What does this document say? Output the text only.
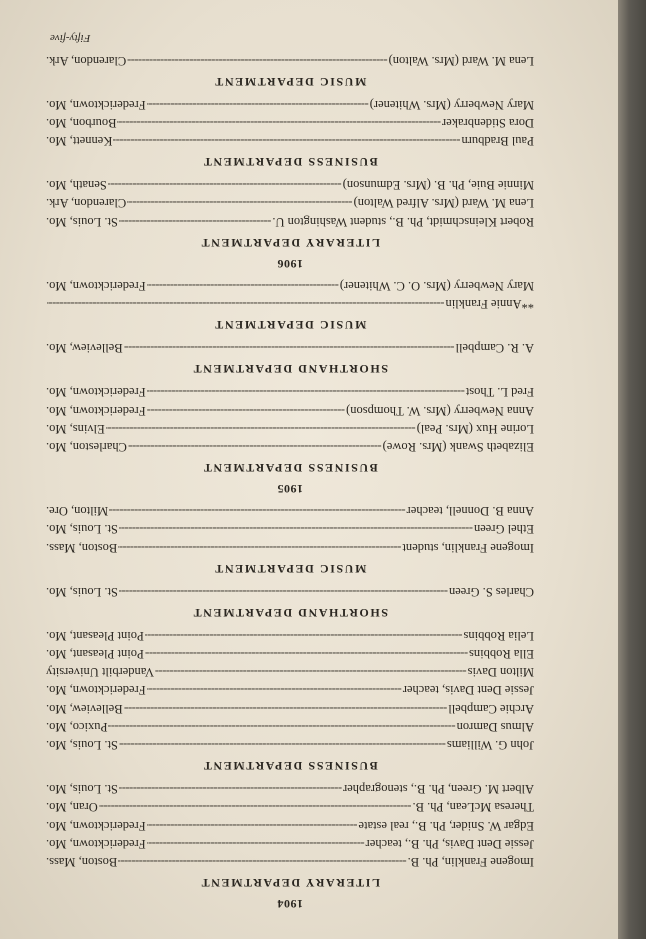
1904
LITERARY DEPARTMENT
Imogene Franklin, Ph. B.
-----
Boston, Mass.
Jessie Dent Davis, Ph. B., teacher
-----
Fredericktown, Mo.
Edgar W. Snider, Ph. B., real estate
-----
Fredericktown, Mo.
Theresa McLean, Ph. B.
-----
Oran, Mo.
Albert M. Green, Ph. B., stenographer
-----
St. Louis, Mo.
BUSINESS DEPARTMENT
John G. Williams
-----
St. Louis, Mo.
Almus Damron
-----
Puxico, Mo.
Archie Campbell
-----
Belleview, Mo.
Jessie Dent Davis, teacher
-----
Fredericktown, Mo.
Milton Davis
-----
Vanderbilt University
Ella Robbins
-----
Point Pleasant, Mo.
Lelia Robbins
-----
Point Pleasant, Mo.
SHORTHAND DEPARTMENT
Charles S. Green
-----
St. Louis, Mo.
MUSIC DEPARTMENT
Imogene Franklin, student
-----
Boston, Mass.
Ethel Green
-----
St. Louis, Mo.
Anna B. Donnell, teacher
-----
Milton, Ore.
1905
BUSINESS DEPARTMENT
Elizabeth Swank (Mrs. Rowe)
-----
Charleston, Mo.
Lorine Hux (Mrs. Peal)
-----
Elvins, Mo.
Anna Newberry (Mrs. W. Thompson)
-----
Fredericktown, Mo.
Fred L. Thost
-----
Fredericktown, Mo.
SHORTHAND DEPARTMENT
A. R. Campbell
-----
Belleview, Mo.
MUSIC DEPARTMENT
**Annie Franklin
-----
Mary Newberry (Mrs. O. C. Whitener)
-----
Fredericktown, Mo.
1906
LITERARY DEPARTMENT
Robert Kleinschmidt, Ph. B., student Washington U.
-----
St. Louis, Mo.
Lena M. Ward (Mrs. Alfred Walton)
-----
Clarendon, Ark.
Minnie Buie, Ph. B. (Mrs. Edmunson)
-----
Senath, Mo.
BUSINESS DEPARTMENT
Paul Bradburn
-----
Kennett, Mo.
Dora Stidenbraker
-----
Bourbon, Mo.
Mary Newberry (Mrs. Whitener)
-----
Fredericktown, Mo.
MUSIC DEPARTMENT
Lena M. Ward (Mrs. Walton)
-----
Clarendon, Ark.
Fifty-five
